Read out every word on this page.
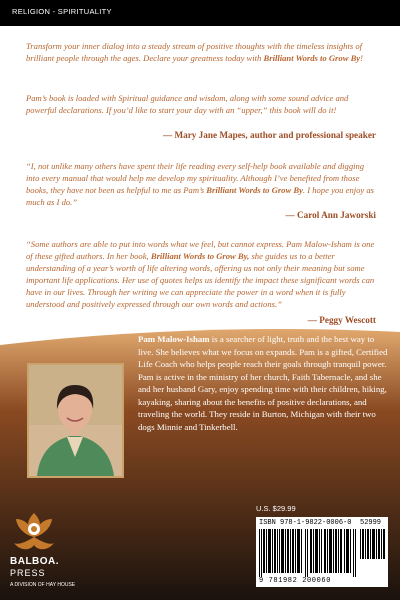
RELIGION - SPIRITUALITY
Transform your inner dialog into a steady stream of positive thoughts with the timeless insights of brilliant people through the ages. Declare your greatness today with Brilliant Words to Grow By!
Pam’s book is loaded with Spiritual guidance and wisdom, along with some sound advice and powerful declarations. If you’d like to start your day with an “upper,” this book will do it!
— Mary Jane Mapes, author and professional speaker
“I, not unlike many others have spent their life reading every self-help book available and digging into every manual that would help me develop my spirituality. Although I’ve benefited from those books, they have not been as helpful to me as Pam’s Brilliant Words to Grow By. I hope you enjoy as much as I do.”
— Carol Ann Jaworski
“Some authors are able to put into words what we feel, but cannot express. Pam Malow-Isham is one of these gifted authors. In her book, Brilliant Words to Grow By, she guides us to a better understanding of a year’s worth of life altering words, offering us not only their meaning but some important life applications. Her use of quotes helps us identify the impact these significant words can have in our lives. Through her writing we can appreciate the power in a word when it is fully understood and positively expressed through our own words and actions.”
— Peggy Wescott
Pam Malow-Isham is a searcher of light, truth and the best way to live. She believes what we focus on expands. Pam is a gifted, Certified Life Coach who helps people reach their goals through tranquil power. Pam is active in the ministry of her church, Faith Tabernacle, and she and her husband Gary, enjoy spending time with their children, hiking, kayaking, sharing about the benefits of positive declarations, and traveling the world. They reside in Burton, Michigan with their two dogs Minnie and Tinkerbell.
BALBOA.
PRESS
A DIVISION OF HAY HOUSE
U.S. $29.99
ISBN 978-1-9822-0006-0 52999
9 781982 200060
